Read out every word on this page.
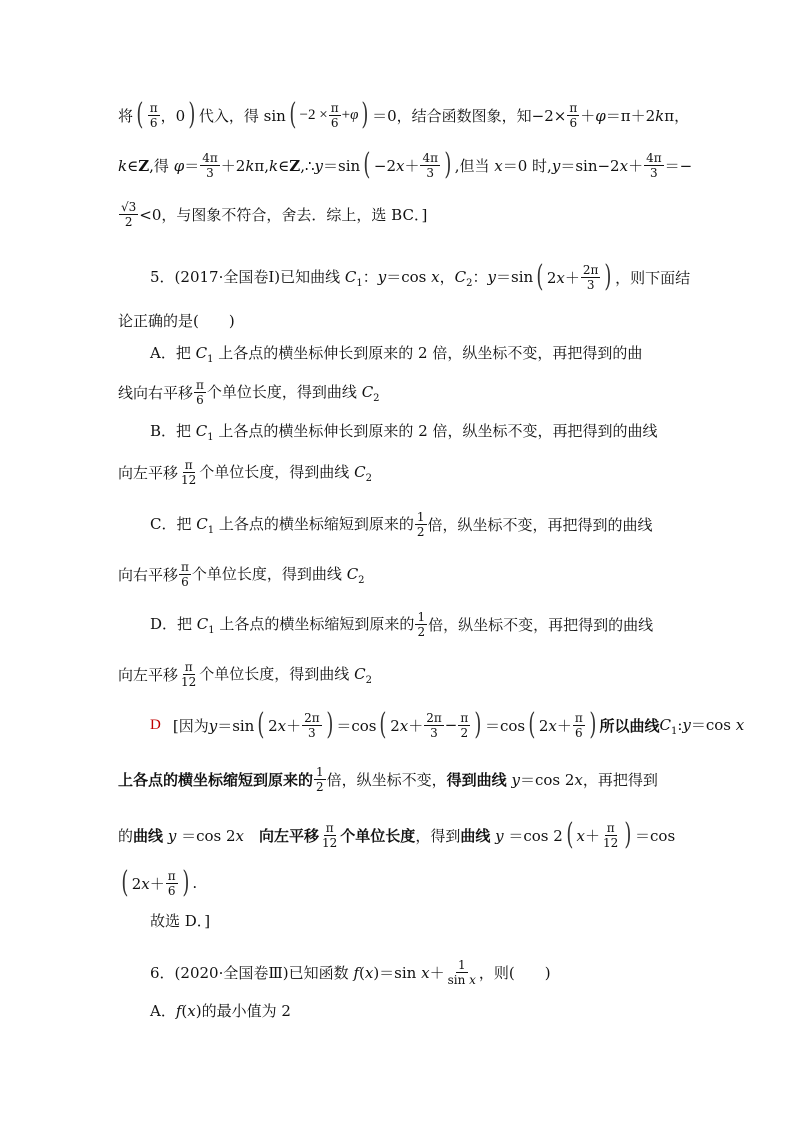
将 ( $\frac{\pi}{6}$ ，0 ) 代入，得 sin ( $-2 \times \frac{\pi}{6} +\varphi$ ) ＝0，结合函数图象，知$-2\times \frac{\pi}{6} +\varphi=\pi+2k\pi$，
k∈Z,得 $\varphi= \frac{4\pi}{3}$ ＋2kπ,k∈Z,∴y＝sin ( $-2x+ \frac{4\pi}{3}$ ) ,但当 x＝0 时$,y=\sin-2x+ \frac{4\pi}{3}$ ＝−
$\frac{√3}{2} <0$，与图象不符合，舍去．综上，选 BC．]
5．(2017·全国卷Ⅰ)已知曲线 $C_1$：y＝cos x，$C_2$：y＝sin ( $2x+ \frac{2\pi}{3}$ ) ，则下面结
论正确的是(　　)
A．把 $C_1$ 上各点的横坐标伸长到原来的 2 倍，纵坐标不变，再把得到的曲
线向右平移 $\frac{\pi}{6}$ 个单位长度，得到曲线 $C_2$
B．把 $C_1$ 上各点的横坐标伸长到原来的 2 倍，纵坐标不变，再把得到的曲线
向左平移 $\frac{\pi}{12}$ 个单位长度，得到曲线 $C_2$
C．把 $C_1$ 上各点的横坐标缩短到原来的 $\frac{1}{2}$ 倍，纵坐标不变，再把得到的曲线
向右平移 $\frac{\pi}{6}$ 个单位长度，得到曲线 $C_2$
D．把 $C_1$ 上各点的横坐标缩短到原来的 $\frac{1}{2}$ 倍，纵坐标不变，再把得到的曲线
向左平移 $\frac{\pi}{12}$ 个单位长度，得到曲线 $C_2$
D [因为y＝sin ( $2x+ \frac{2\pi}{3}$ ) ＝cos ( $2x+ \frac{2\pi}{3} - \frac{\pi}{2}$ ) ＝cos ( $2x+ \frac{\pi}{6}$ ) 所以曲线 $C_1:y=\cos$ x
上各点的横坐标缩短到原来的 $\frac{1}{2}$ 倍，纵坐标不变，得到曲线 y＝cos 2x，再把得到
的曲线 y ＝cos 2x　 向左平移 $\frac{\pi}{12}$ 个单位长度，得到曲线 y ＝cos 2 ( $x+ \frac{\pi}{12}$ ) ＝cos
( $2x+ \frac{\pi}{6}$ ) .
故选 D．]
6．(2020·全国卷Ⅲ)已知函数 f(x)＝sin $x+ \frac{1}{\text{sin x}}$ ，则(　　)
A．f(x)的最小值为 2
